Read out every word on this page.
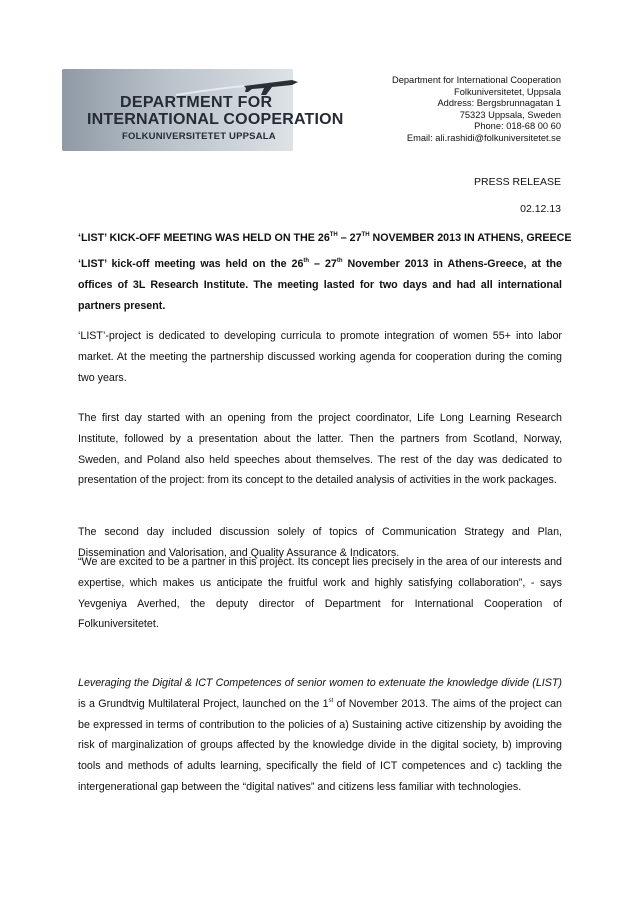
DEPARTMENT FOR
INTERNATIONAL COOPERATION
FOLKUNIVERSITETET UPPSALA
Department for International Cooperation
Folkuniversitetet, Uppsala
Address: Bergsbrunnagatan 1
75323 Uppsala, Sweden
Phone: 018-68 00 60
Email: ali.rashidi@folkuniversitetet.se
PRESS RELEASE
02.12.13
‘LIST’ KICK-OFF MEETING WAS HELD ON THE 26TH – 27TH NOVEMBER 2013 IN ATHENS, GREECE
‘LIST’ kick-off meeting was held on the 26th – 27th November 2013 in Athens-Greece, at the offices of 3L Research Institute. The meeting lasted for two days and had all international partners present.
‘LIST’-project is dedicated to developing curricula to promote integration of women 55+ into labor market. At the meeting the partnership discussed working agenda for cooperation during the coming two years.
The first day started with an opening from the project coordinator, Life Long Learning Research Institute, followed by a presentation about the latter. Then the partners from Scotland, Norway, Sweden, and Poland also held speeches about themselves. The rest of the day was dedicated to presentation of the project: from its concept to the detailed analysis of activities in the work packages.
The second day included discussion solely of topics of Communication Strategy and Plan, Dissemination and Valorisation, and Quality Assurance & Indicators.
“We are excited to be a partner in this project. Its concept lies precisely in the area of our interests and expertise, which makes us anticipate the fruitful work and highly satisfying collaboration”, - says Yevgeniya Averhed, the deputy director of Department for International Cooperation of Folkuniversitetet.
Leveraging the Digital & ICT Competences of senior women to extenuate the knowledge divide (LIST) is a Grundtvig Multilateral Project, launched on the 1st of November 2013. The aims of the project can be expressed in terms of contribution to the policies of a) Sustaining active citizenship by avoiding the risk of marginalization of groups affected by the knowledge divide in the digital society, b) improving tools and methods of adults learning, specifically the field of ICT competences and c) tackling the intergenerational gap between the “digital natives” and citizens less familiar with technologies.
